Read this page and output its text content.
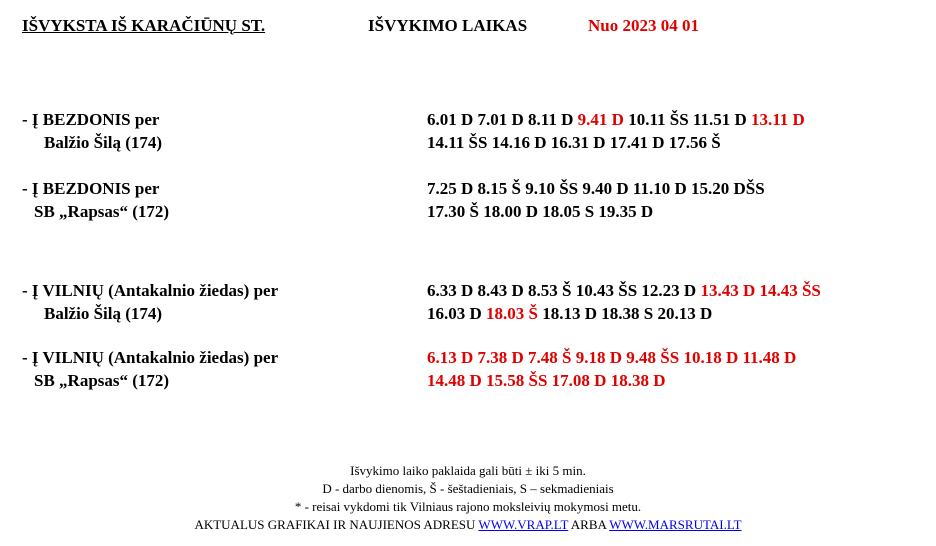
IŠVYKSTA IŠ KARAČIŪNŲ ST.	IŠVYKIMO LAIKAS	Nuo 2023 04 01
- Į BEZDONIS per
Balžio Šilą (174)
6.01 D 7.01 D 8.11 D 9.41 D 10.11 ŠS 11.51 D 13.11 D
14.11 ŠS 14.16 D 16.31 D 17.41 D 17.56 Š
- Į BEZDONIS per
SB „Rapsas“ (172)
7.25 D 8.15 Š 9.10 ŠS 9.40 D 11.10 D 15.20 DŠS
17.30 Š 18.00 D 18.05 S 19.35 D
- Į VILNIŲ (Antakalnio žiedas) per
Balžio Šilą (174)
6.33 D 8.43 D 8.53 Š 10.43 ŠS 12.23 D 13.43 D 14.43 ŠS
16.03 D 18.03 Š 18.13 D 18.38 S 20.13 D
- Į VILNIŲ (Antakalnio žiedas) per
SB „Rapsas“ (172)
6.13 D 7.38 D 7.48 Š 9.18 D 9.48 ŠS 10.18 D 11.48 D
14.48 D 15.58 ŠS 17.08 D 18.38 D
Išvykimo laiko paklaida gali būti ± iki 5 min.
D - darbo dienomis, Š - šeštadieniais, S – sekmadieniais
* - reisai vykdomi tik Vilniaus rajono moksleivių mokymosi metu.
AKTUALUS GRAFIKAI IR NAUJIENOS ADRESU WWW.VRAP.LT ARBA WWW.MARSRUTAI.LT
